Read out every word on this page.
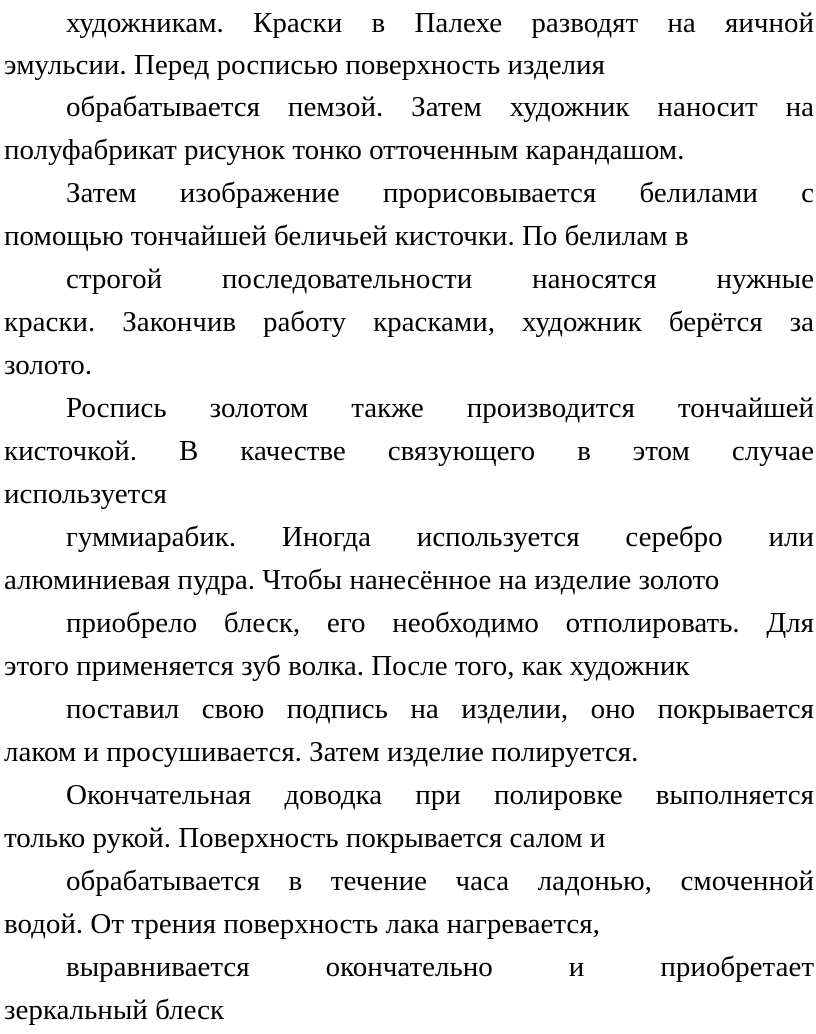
художникам. Краски в Палехе разводят на яичной
эмульсии. Перед росписью поверхность изделия
обрабатывается пемзой. Затем художник наносит на
полуфабрикат рисунок тонко отточенным карандашом.
Затем изображение прорисовывается белилами с
помощью тончайшей беличьей кисточки. По белилам в
строгой последовательности наносятся нужные
краски. Закончив работу красками, художник берётся за
золото.
Роспись золотом также производится тончайшей
кисточкой. В качестве связующего в этом случае
используется
гуммиарабик. Иногда используется серебро или
алюминиевая пудра. Чтобы нанесённое на изделие золото
приобрело блеск, его необходимо отполировать. Для
этого применяется зуб волка. После того, как художник
поставил свою подпись на изделии, оно покрывается
лаком и просушивается. Затем изделие полируется.
Окончательная доводка при полировке выполняется
только рукой. Поверхность покрывается салом и
обрабатывается в течение часа ладонью, смоченной
водой. От трения поверхность лака нагревается,
выравнивается окончательно и приобретает
зеркальный блеск
